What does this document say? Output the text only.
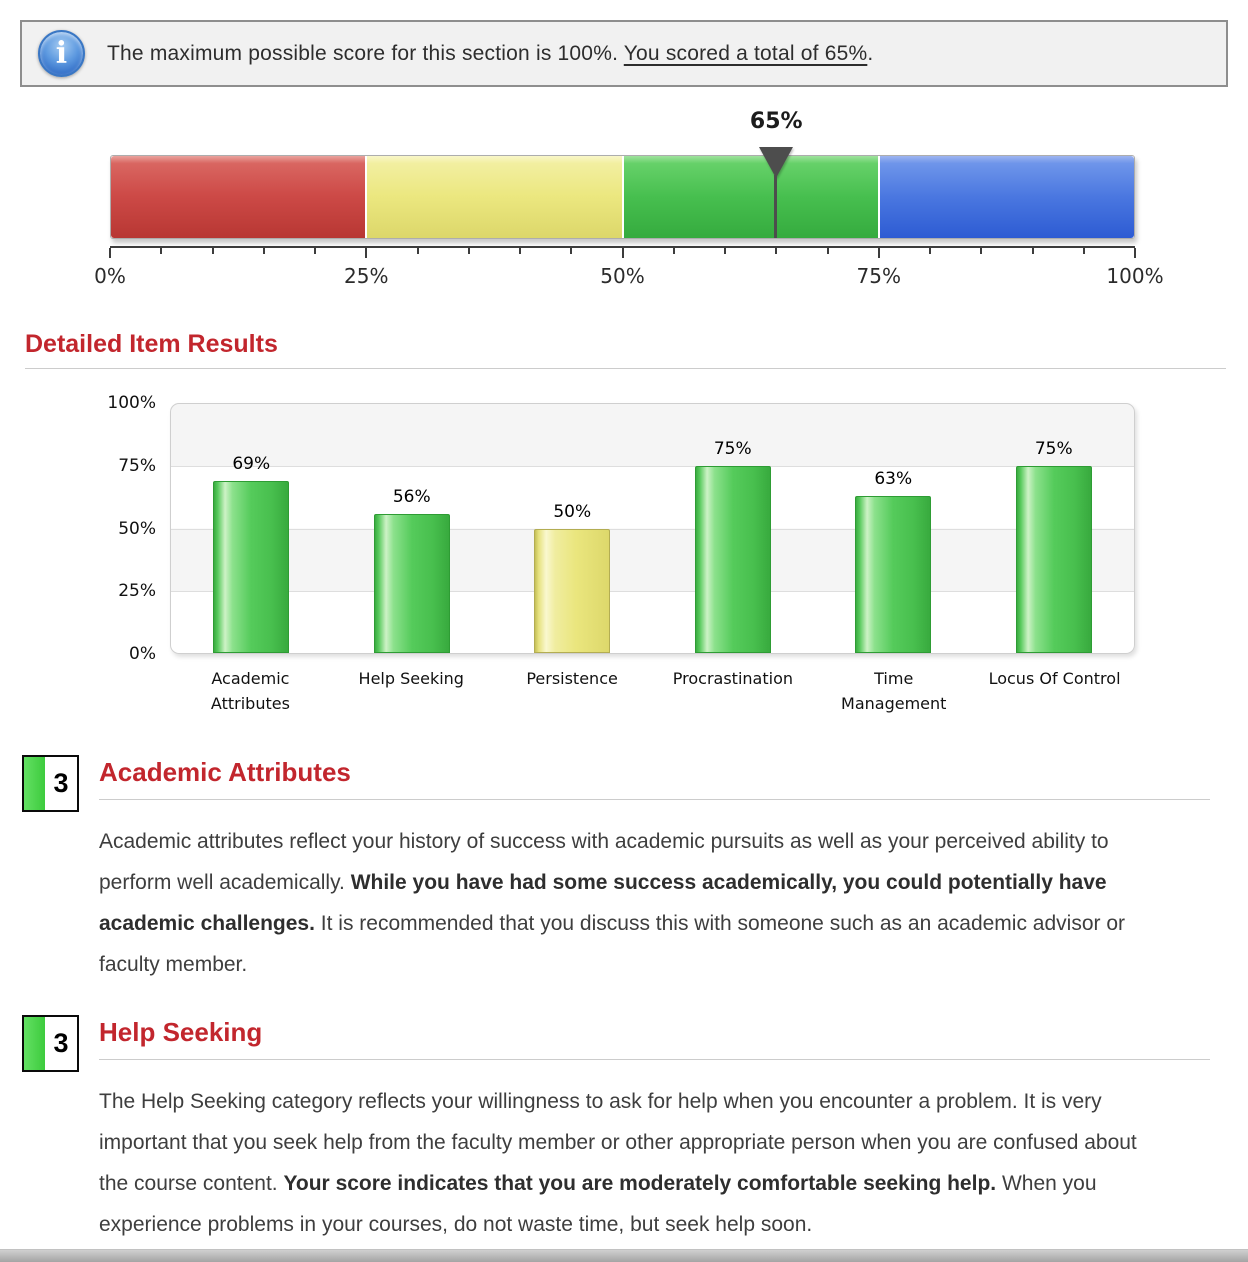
i	The maximum possible score for this section is 100%. You scored a total of 65%.
65%
0%	25%	50%	75%	100%
Detailed Item Results
100%
75%
50%
25%
0%
69%
56%
50%
75%
63%
75%
Academic Attributes
Help Seeking	Persistence	Procrastination	Time Management
Locus Of Control
3	Academic Attributes

Academic attributes reflect your history of success with academic pursuits as well as your perceived ability to perform well academically. While you have had some success academically, you could potentially have academic challenges. It is recommended that you discuss this with someone such as an academic advisor or faculty member.

3	Help Seeking

The Help Seeking category reflects your willingness to ask for help when you encounter a problem. It is very important that you seek help from the faculty member or other appropriate person when you are confused about the course content. Your score indicates that you are moderately comfortable seeking help. When you experience problems in your courses, do not waste time, but seek help soon.
